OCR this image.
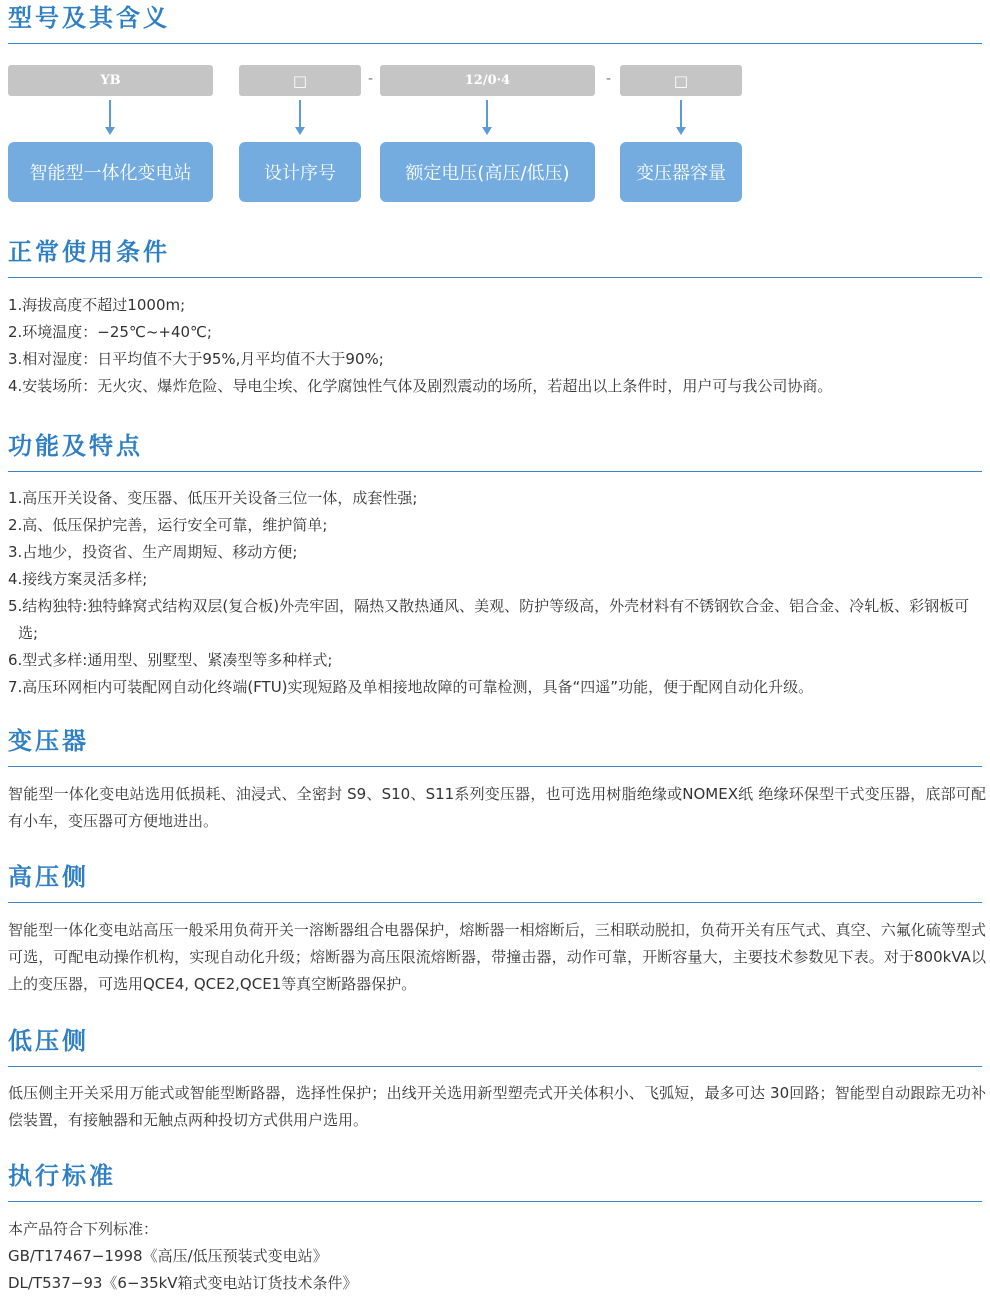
型号及其含义
YB	□	-	12/0·4	-	□
智能型一体化变电站	设计序号	额定电压(高压/低压)	变压器容量
正常使用条件
1.海拔高度不超过1000m;
2.环境温度：−25℃~+40℃;
3.相对湿度：日平均值不大于95%,月平均值不大于90%;
4.安装场所：无火灾、爆炸危险、导电尘埃、化学腐蚀性气体及剧烈震动的场所，若超出以上条件时，用户可与我公司协商。
功能及特点
1.高压开关设备、变压器、低压开关设备三位一体，成套性强;
2.高、低压保护完善，运行安全可靠，维护简单;
3.占地少，投资省、生产周期短、移动方便;
4.接线方案灵活多样;
5.结构独特:独特蜂窝式结构双层(复合板)外壳牢固，隔热又散热通风、美观、防护等级高，外壳材料有不锈钢钦合金、铝合金、冷轧板、彩钢板可选;
6.型式多样:通用型、别墅型、紧凑型等多种样式;
7.高压环网柜内可装配网自动化终端(FTU)实现短路及单相接地故障的可靠检测，具备“四遥”功能，便于配网自动化升级。
变压器

智能型一体化变电站选用低损耗、油浸式、全密封 S9、S10、S11系列变压器，也可选用树脂绝缘或NOMEX纸 绝缘环保型干式变压器，底部可配有小车，变压器可方便地进出。

高压侧

智能型一体化变电站高压一般采用负荷开关一溶断器组合电器保护，熔断器一相熔断后，三相联动脱扣，负荷开关有压气式、真空、六氟化硫等型式可选，可配电动操作机构，实现自动化升级；熔断器为高压限流熔断器，带撞击器，动作可靠，开断容量大，主要技术参数见下表。对于800kVA以上的变压器，可选用QCE4, QCE2,QCE1等真空断路器保护。

低压侧

低压侧主开关采用万能式或智能型断路器，选择性保护；出线开关选用新型塑壳式开关体积小、飞弧短，最多可达 30回路；智能型自动跟踪无功补偿装置，有接触器和无触点两种投切方式供用户选用。

执行标准
本产品符合下列标准：
GB/T17467−1998《高压/低压预装式变电站》
DL/T537−93《6−35kV箱式变电站订货技术条件》
